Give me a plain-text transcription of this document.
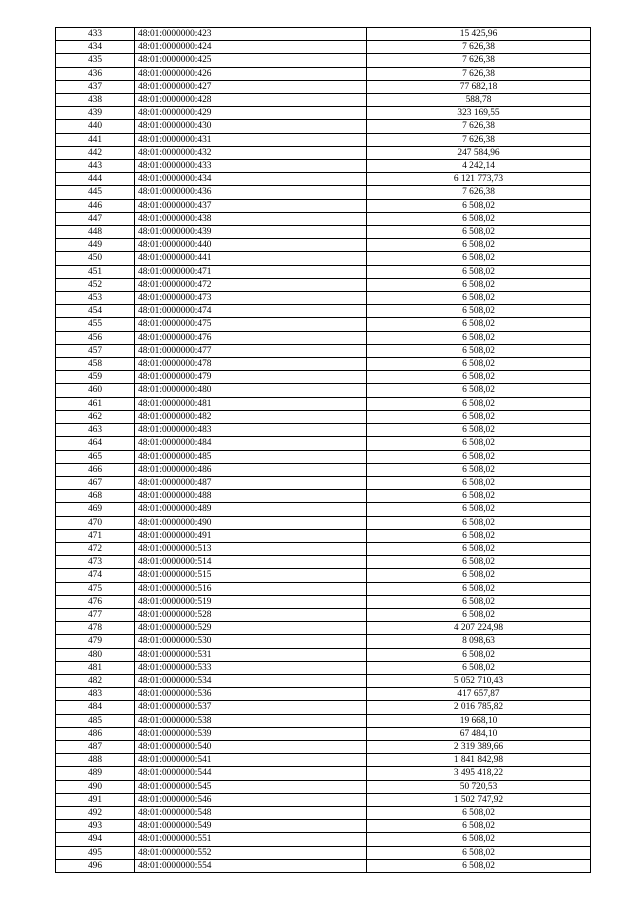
433	48:01:0000000:423	15 425,96
434	48:01:0000000:424	7 626,38
435	48:01:0000000:425	7 626,38
436	48:01:0000000:426	7 626,38
437	48:01:0000000:427	77 682,18
438	48:01:0000000:428	588,78
439	48:01:0000000:429	323 169,55
440	48:01:0000000:430	7 626,38
441	48:01:0000000:431	7 626,38
442	48:01:0000000:432	247 584,96
443	48:01:0000000:433	4 242,14
444	48:01:0000000:434	6 121 773,73
445	48:01:0000000:436	7 626,38
446	48:01:0000000:437	6 508,02
447	48:01:0000000:438	6 508,02
448	48:01:0000000:439	6 508,02
449	48:01:0000000:440	6 508,02
450	48:01:0000000:441	6 508,02
451	48:01:0000000:471	6 508,02
452	48:01:0000000:472	6 508,02
453	48:01:0000000:473	6 508,02
454	48:01:0000000:474	6 508,02
455	48:01:0000000:475	6 508,02
456	48:01:0000000:476	6 508,02
457	48:01:0000000:477	6 508,02
458	48:01:0000000:478	6 508,02
459	48:01:0000000:479	6 508,02
460	48:01:0000000:480	6 508,02
461	48:01:0000000:481	6 508,02
462	48:01:0000000:482	6 508,02
463	48:01:0000000:483	6 508,02
464	48:01:0000000:484	6 508,02
465	48:01:0000000:485	6 508,02
466	48:01:0000000:486	6 508,02
467	48:01:0000000:487	6 508,02
468	48:01:0000000:488	6 508,02
469	48:01:0000000:489	6 508,02
470	48:01:0000000:490	6 508,02
471	48:01:0000000:491	6 508,02
472	48:01:0000000:513	6 508,02
473	48:01:0000000:514	6 508,02
474	48:01:0000000:515	6 508,02
475	48:01:0000000:516	6 508,02
476	48:01:0000000:519	6 508,02
477	48:01:0000000:528	6 508,02
478	48:01:0000000:529	4 207 224,98
479	48:01:0000000:530	8 098,63
480	48:01:0000000:531	6 508,02
481	48:01:0000000:533	6 508,02
482	48:01:0000000:534	5 052 710,43
483	48:01:0000000:536	417 657,87
484	48:01:0000000:537	2 016 785,82
485	48:01:0000000:538	19 668,10
486	48:01:0000000:539	67 484,10
487	48:01:0000000:540	2 319 389,66
488	48:01:0000000:541	1 841 842,98
489	48:01:0000000:544	3 495 418,22
490	48:01:0000000:545	50 720,53
491	48:01:0000000:546	1 502 747,92
492	48:01:0000000:548	6 508,02
493	48:01:0000000:549	6 508,02
494	48:01:0000000:551	6 508,02
495	48:01:0000000:552	6 508,02
496	48:01:0000000:554	6 508,02
